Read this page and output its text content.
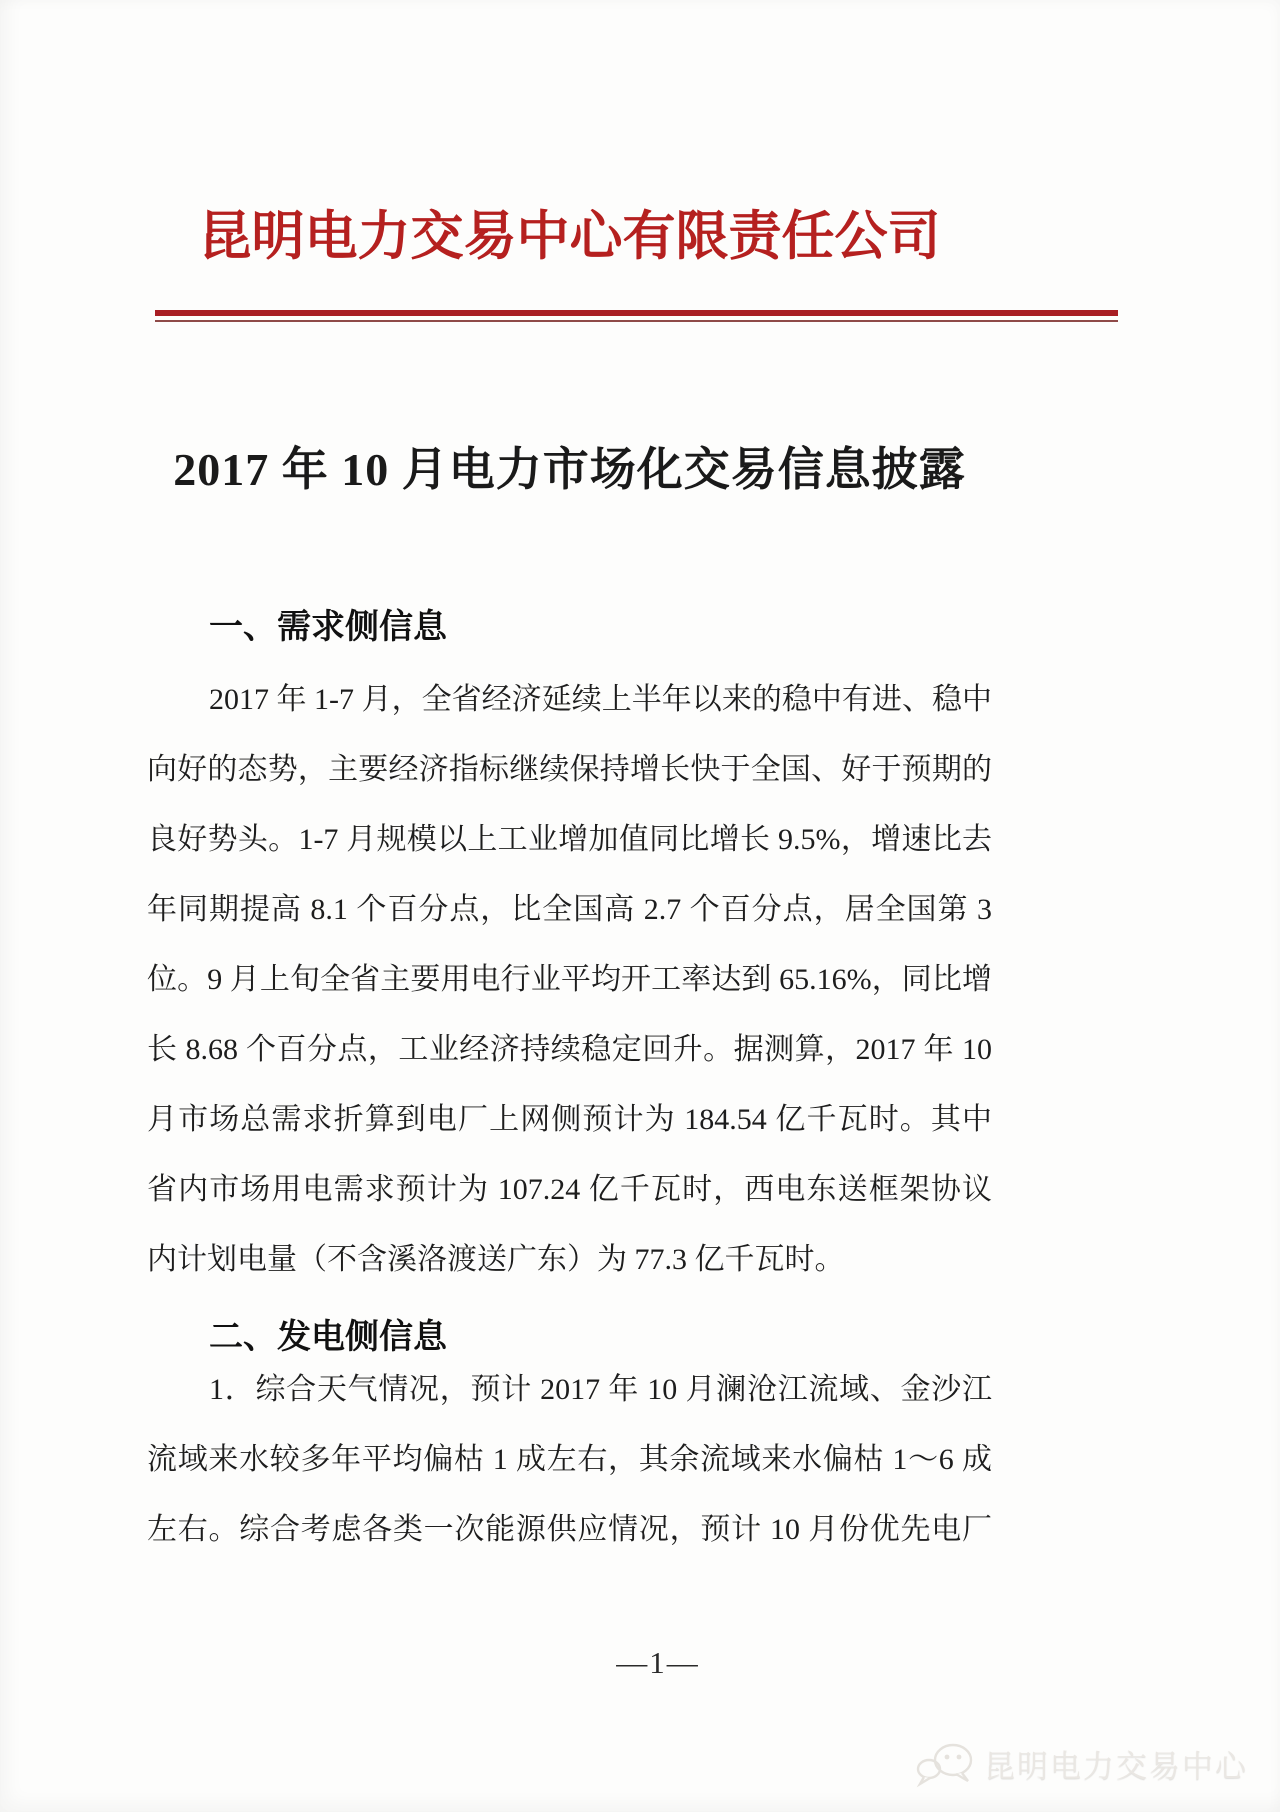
昆明电力交易中心有限责任公司
2017 年 10 月电力市场化交易信息披露
一、需求侧信息
2017 年 1-7 月，全省经济延续上半年以来的稳中有进、稳中
向好的态势，主要经济指标继续保持增长快于全国、好于预期的
良好势头。1-7 月规模以上工业增加值同比增长 9.5%，增速比去
年同期提高 8.1 个百分点，比全国高 2.7 个百分点，居全国第 3
位。9 月上旬全省主要用电行业平均开工率达到 65.16%，同比增
长 8.68 个百分点，工业经济持续稳定回升。据测算，2017 年 10
月市场总需求折算到电厂上网侧预计为 184.54 亿千瓦时。其中
省内市场用电需求预计为 107.24 亿千瓦时，西电东送框架协议
内计划电量（不含溪洛渡送广东）为 77.3 亿千瓦时。
二、发电侧信息
1．综合天气情况，预计 2017 年 10 月澜沧江流域、金沙江
流域来水较多年平均偏枯 1 成左右，其余流域来水偏枯 1～6 成
左右。综合考虑各类一次能源供应情况，预计 10 月份优先电厂
—1—
昆明电力交易中心
